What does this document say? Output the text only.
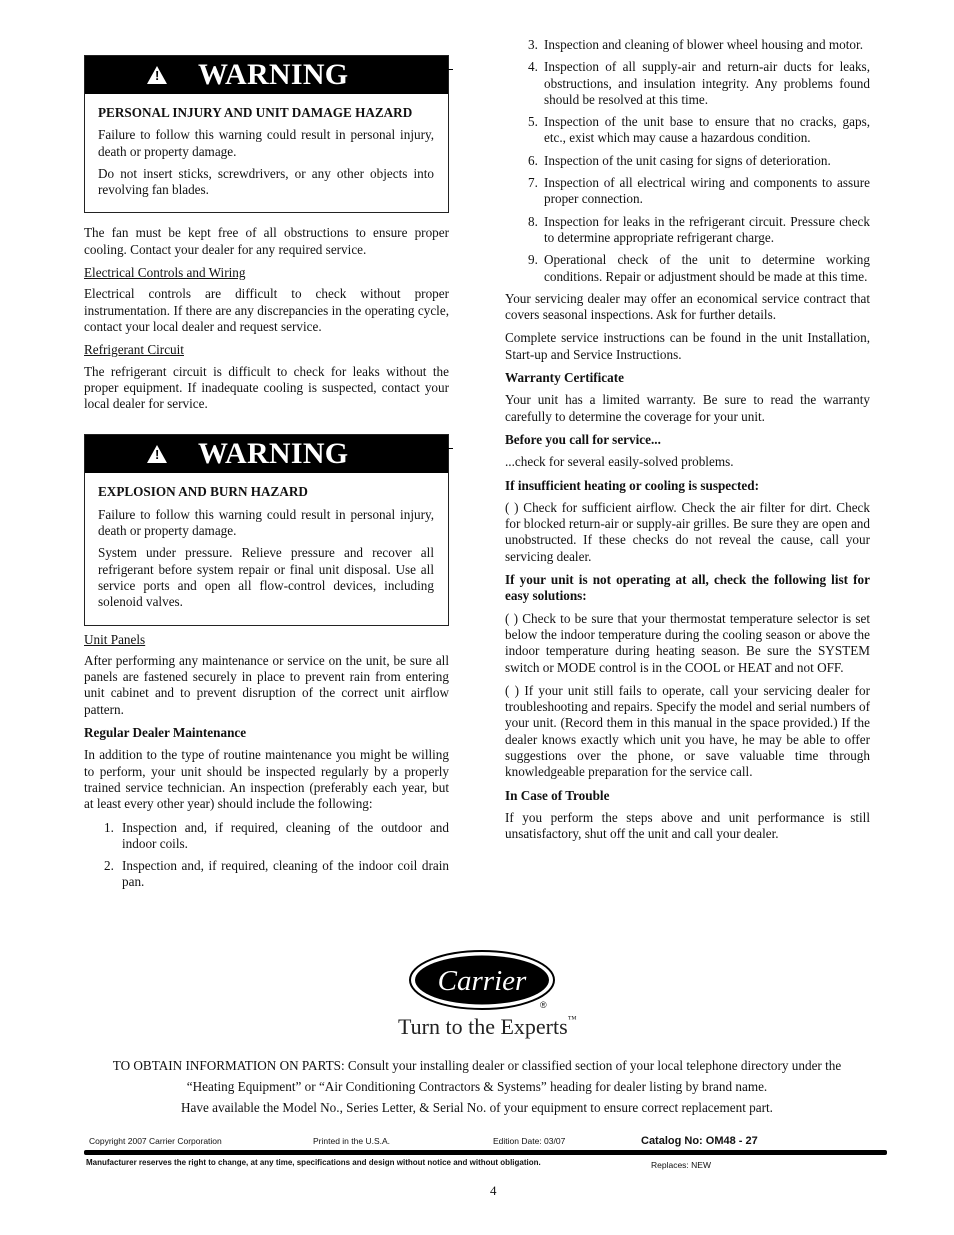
! WARNING

PERSONAL INJURY AND UNIT DAMAGE HAZARD

Failure to follow this warning could result in personal injury, death or property damage.

Do not insert sticks, screwdrivers, or any other objects into revolving fan blades.

The fan must be kept free of all obstructions to ensure proper cooling. Contact your dealer for any required service.

Electrical Controls and Wiring

Electrical controls are difficult to check without proper instrumentation. If there are any discrepancies in the operating cycle, contact your local dealer and request service.

Refrigerant Circuit

The refrigerant circuit is difficult to check for leaks without the proper equipment. If inadequate cooling is suspected, contact your local dealer for service.

! WARNING

EXPLOSION AND BURN HAZARD

Failure to follow this warning could result in personal injury, death or property damage.

System under pressure. Relieve pressure and recover all refrigerant before system repair or final unit disposal. Use all service ports and open all flow-control devices, including solenoid valves.

Unit Panels

After performing any maintenance or service on the unit, be sure all panels are fastened securely in place to prevent rain from entering unit cabinet and to prevent disruption of the correct unit airflow pattern.

Regular Dealer Maintenance

In addition to the type of routine maintenance you might be willing to perform, your unit should be inspected regularly by a properly trained service technician. An inspection (preferably each year, but at least every other year) should include the following:

1. Inspection and, if required, cleaning of the outdoor and indoor coils.
2. Inspection and, if required, cleaning of the indoor coil drain pan.
3. Inspection and cleaning of blower wheel housing and motor.
4. Inspection of all supply-air and return-air ducts for leaks, obstructions, and insulation integrity. Any problems found should be resolved at this time.
5. Inspection of the unit base to ensure that no cracks, gaps, etc., exist which may cause a hazardous condition.
6. Inspection of the unit casing for signs of deterioration.
7. Inspection of all electrical wiring and components to assure proper connection.
8. Inspection for leaks in the refrigerant circuit. Pressure check to determine appropriate refrigerant charge.
9. Operational check of the unit to determine working conditions. Repair or adjustment should be made at this time.

Your servicing dealer may offer an economical service contract that covers seasonal inspections. Ask for further details.

Complete service instructions can be found in the unit Installation, Start-up and Service Instructions.

Warranty Certificate

Your unit has a limited warranty. Be sure to read the warranty carefully to determine the coverage for your unit.

Before you call for service...

...check for several easily-solved problems.

If insufficient heating or cooling is suspected:

( ) Check for sufficient airflow. Check the air filter for dirt. Check for blocked return-air or supply-air grilles. Be sure they are open and unobstructed. If these checks do not reveal the cause, call your servicing dealer.

If your unit is not operating at all, check the following list for easy solutions:

( ) Check to be sure that your thermostat temperature selector is set below the indoor temperature during the cooling season or above the indoor temperature during heating season. Be sure the SYSTEM switch or MODE control is in the COOL or HEAT and not OFF.

( ) If your unit still fails to operate, call your servicing dealer for troubleshooting and repairs. Specify the model and serial numbers of your unit. (Record them in this manual in the space provided.) If the dealer knows exactly which unit you have, he may be able to offer suggestions over the phone, or save valuable time through knowledgeable preparation for the service call.

In Case of Trouble

If you perform the steps above and unit performance is still unsatisfactory, shut off the unit and call your dealer.

Carrier
®
Turn to the Experts™
TO OBTAIN INFORMATION ON PARTS: Consult your installing dealer or classified section of your local telephone directory under the
“Heating Equipment” or “Air Conditioning Contractors & Systems” heading for dealer listing by brand name.
Have available the Model No., Series Letter, & Serial No. of your equipment to ensure correct replacement part.
Copyright 2007 Carrier Corporation	Printed in the U.S.A.	Edition Date: 03/07	Catalog No: OM48 - 27
Manufacturer reserves the right to change, at any time, specifications and design without notice and without obligation.	Replaces: NEW
4
